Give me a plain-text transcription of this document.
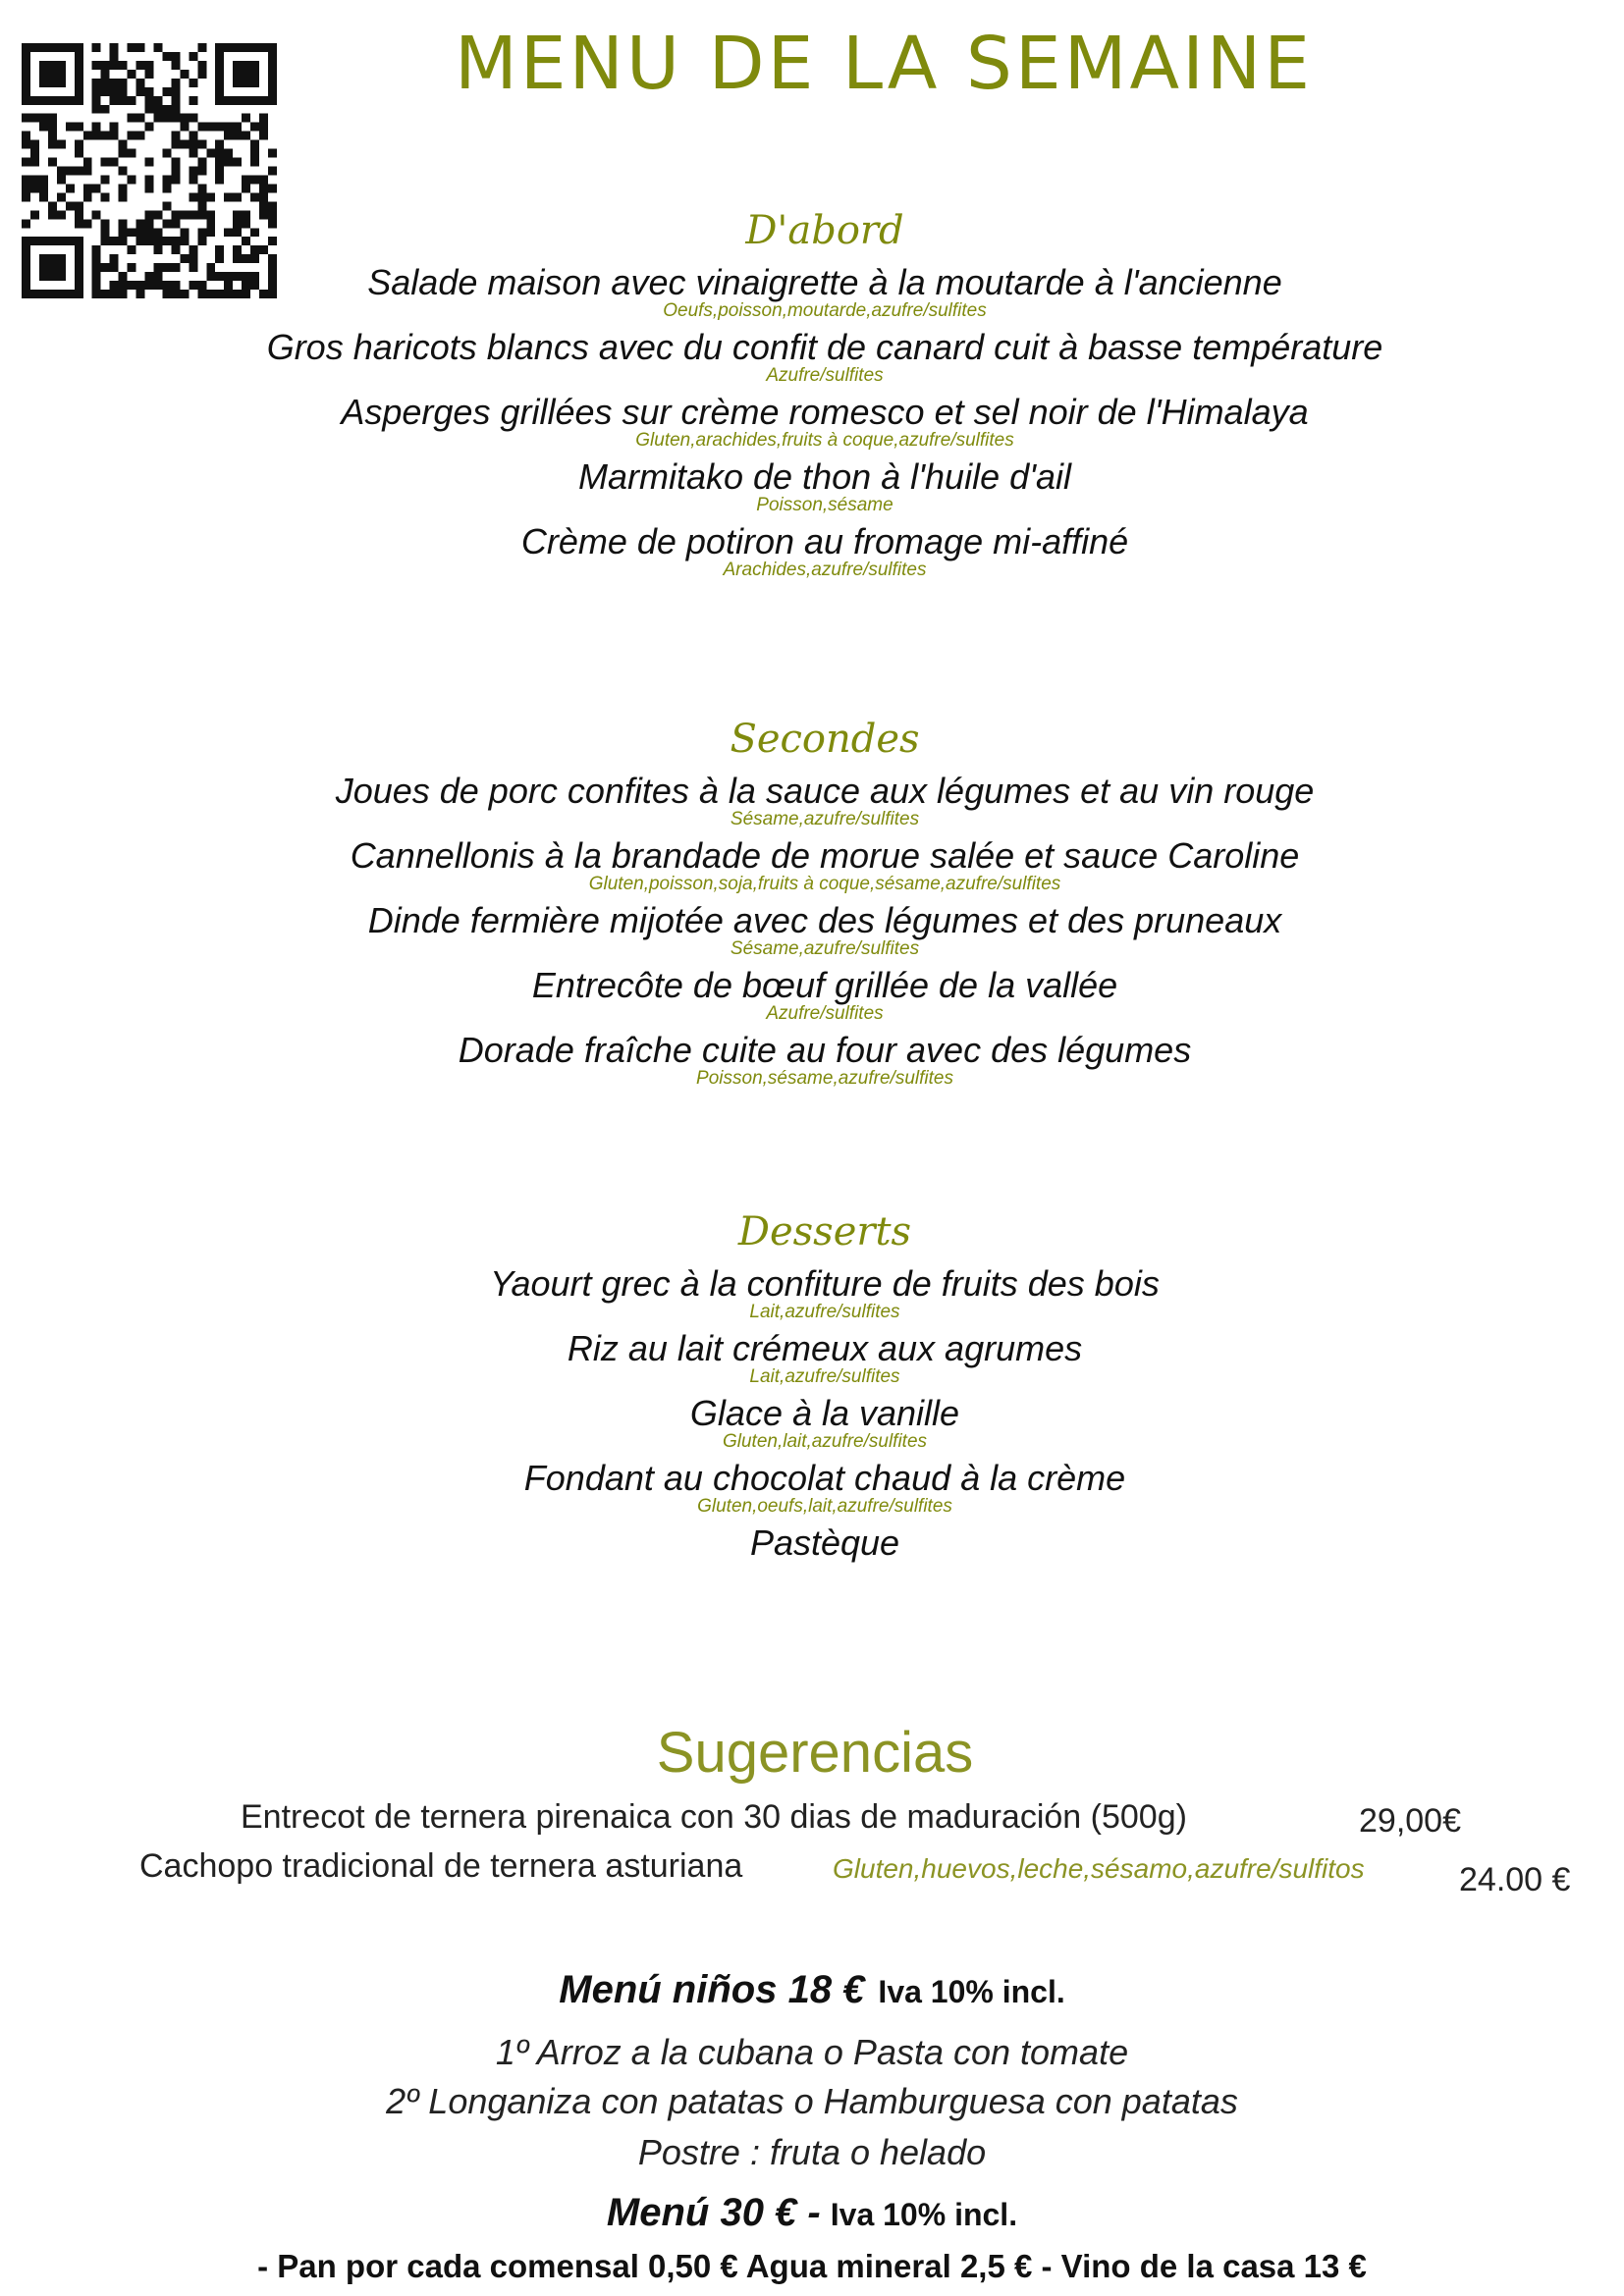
MENU DE LA SEMAINE
D'abord
Salade maison avec vinaigrette à la moutarde à l'ancienne
Oeufs,poisson,moutarde,azufre/sulfites
Gros haricots blancs avec du confit de canard cuit à basse température
Azufre/sulfites
Asperges grillées sur crème romesco et sel noir de l'Himalaya
Gluten,arachides,fruits à coque,azufre/sulfites
Marmitako de thon à l'huile d'ail
Poisson,sésame
Crème de potiron au fromage mi-affiné
Arachides,azufre/sulfites
Secondes
Joues de porc confites à la sauce aux légumes et au vin rouge
Sésame,azufre/sulfites
Cannellonis à la brandade de morue salée et sauce Caroline
Gluten,poisson,soja,fruits à coque,sésame,azufre/sulfites
Dinde fermière mijotée avec des légumes et des pruneaux
Sésame,azufre/sulfites
Entrecôte de bœuf grillée de la vallée
Azufre/sulfites
Dorade fraîche cuite au four avec des légumes
Poisson,sésame,azufre/sulfites
Desserts
Yaourt grec à la confiture de fruits des bois
Lait,azufre/sulfites
Riz au lait crémeux aux agrumes
Lait,azufre/sulfites
Glace à la vanille
Gluten,lait,azufre/sulfites
Fondant au chocolat chaud à la crème
Gluten,oeufs,lait,azufre/sulfites
Pastèque
Sugerencias
Entrecot de ternera pirenaica con 30 dias de maduración (500g)	29,00€
Cachopo tradicional de ternera asturiana	Gluten,huevos,leche,sésamo,azufre/sulfitos	24.00 €
Menú niños 18 € Iva 10% incl.
1º Arroz a la cubana o Pasta con tomate
2º Longaniza con patatas o Hamburguesa con patatas
Postre : fruta o helado
Menú 30 € - Iva 10% incl.
- Pan por cada comensal 0,50 € Agua mineral 2,5 € - Vino de la casa 13 €
